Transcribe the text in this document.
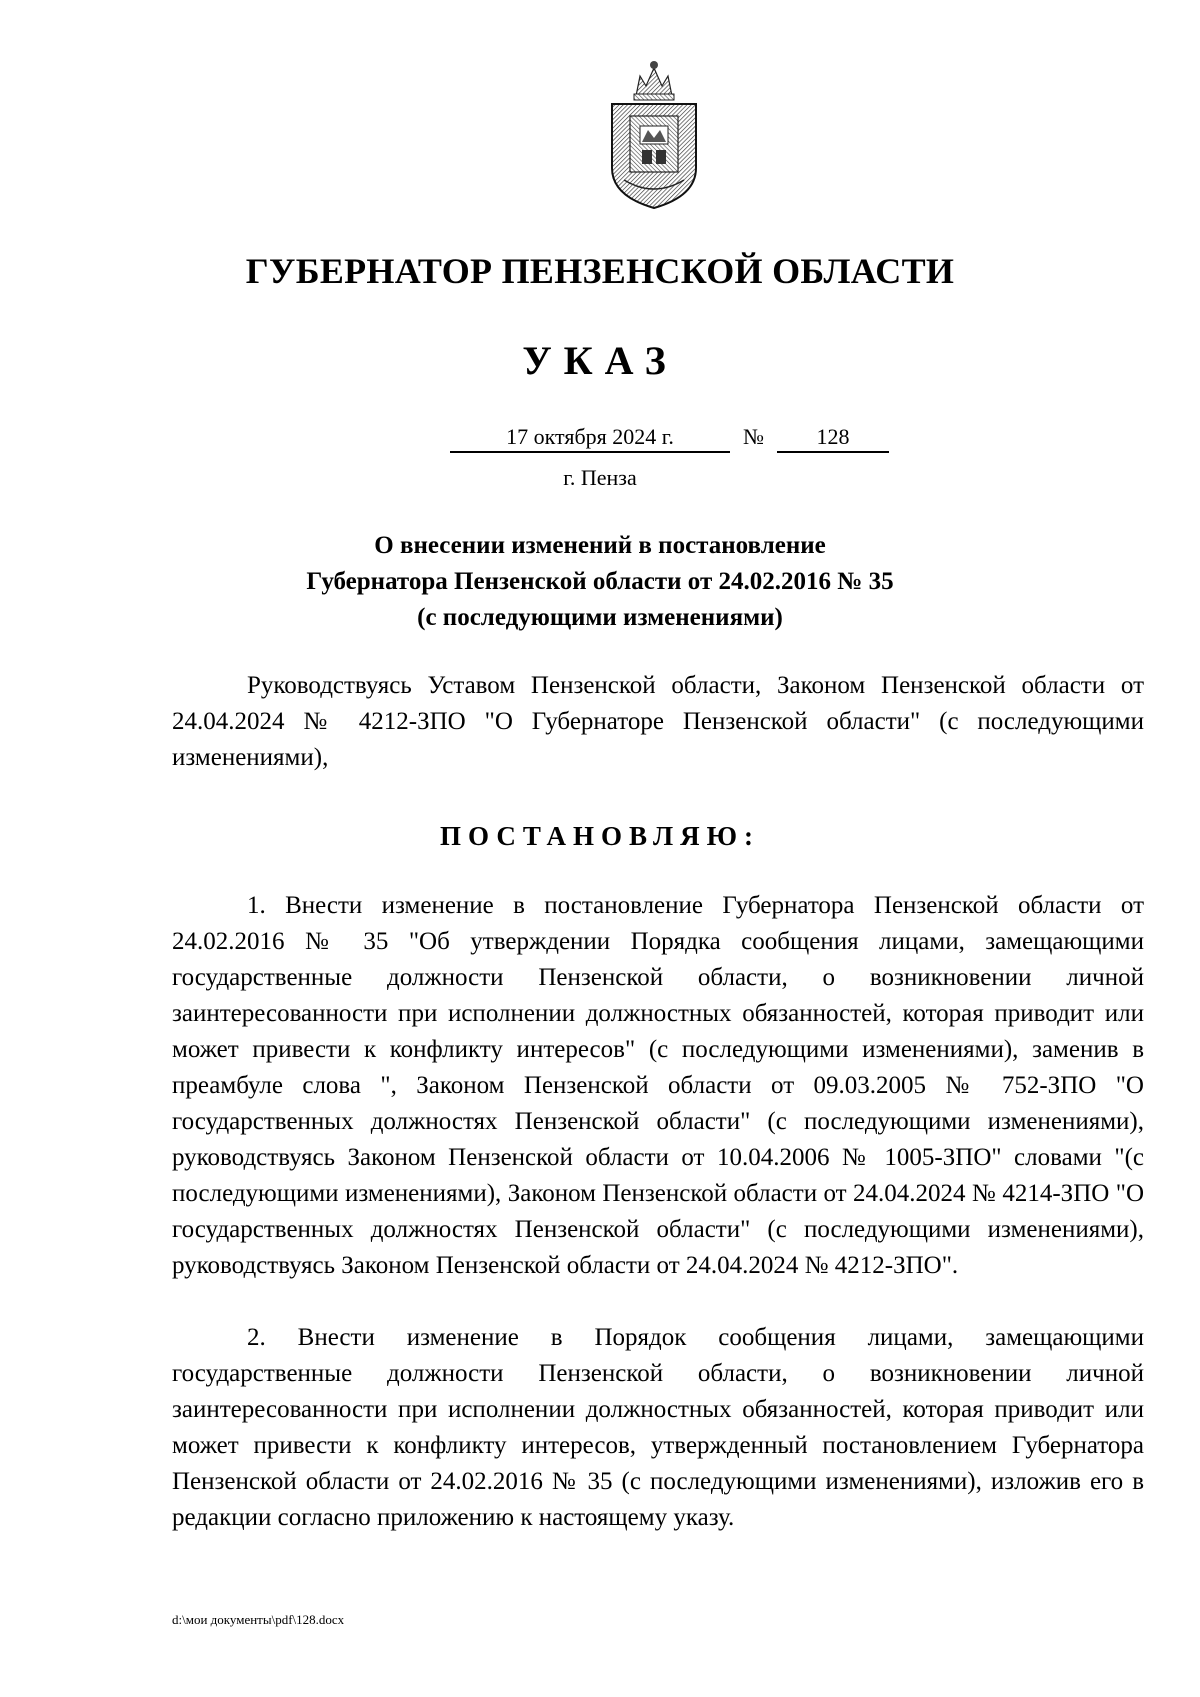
ГУБЕРНАТОР ПЕНЗЕНСКОЙ ОБЛАСТИ
УКАЗ
17 октября 2024 г.	№	128
г. Пенза
О внесении изменений в постановление
Губернатора Пензенской области от 24.02.2016 № 35
(с последующими изменениями)
Руководствуясь Уставом Пензенской области, Законом Пензенской области от 24.04.2024 № 4212-ЗПО "О Губернаторе Пензенской области" (с последующими изменениями),
ПОСТАНОВЛЯЮ:
1. Внести изменение в постановление Губернатора Пензенской области от 24.02.2016 № 35 "Об утверждении Порядка сообщения лицами, замещающими государственные должности Пензенской области, о возникновении личной заинтересованности при исполнении должностных обязанностей, которая приводит или может привести к конфликту интересов" (с последующими изменениями), заменив в преамбуле слова ", Законом Пензенской области от 09.03.2005 № 752-ЗПО "О государственных должностях Пензенской области" (с последующими изменениями), руководствуясь Законом Пензенской области от 10.04.2006 № 1005-ЗПО" словами "(с последующими изменениями), Законом Пензенской области от 24.04.2024 № 4214-ЗПО "О государственных должностях Пензенской области" (с последующими изменениями), руководствуясь Законом Пензенской области от 24.04.2024 № 4212-ЗПО".
2. Внести изменение в Порядок сообщения лицами, замещающими государственные должности Пензенской области, о возникновении личной заинтересованности при исполнении должностных обязанностей, которая приводит или может привести к конфликту интересов, утвержденный постановлением Губернатора Пензенской области от 24.02.2016 № 35 (с последующими изменениями), изложив его в редакции согласно приложению к настоящему указу.
d:\мои документы\pdf\128.docx
